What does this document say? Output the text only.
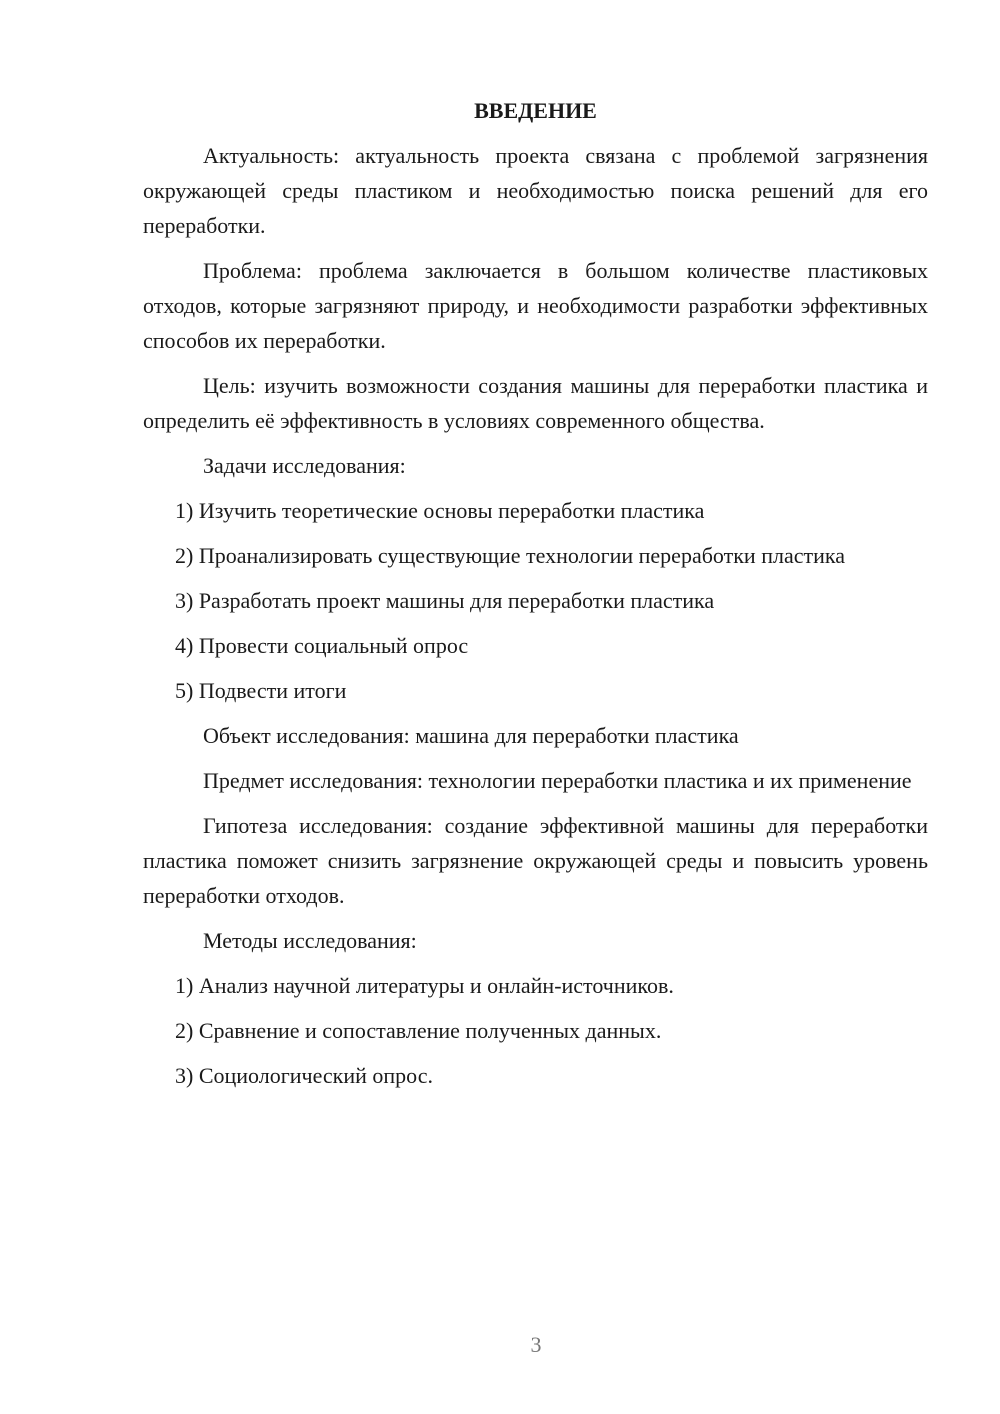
ВВЕДЕНИЕ

Актуальность: актуальность проекта связана с проблемой загрязнения окружающей среды пластиком и необходимостью поиска решений для его переработки.

Проблема: проблема заключается в большом количестве пластиковых отходов, которые загрязняют природу, и необходимости разработки эффективных способов их переработки.

Цель: изучить возможности создания машины для переработки пластика и определить её эффективность в условиях современного общества.

Задачи исследования:

1) Изучить теоретические основы переработки пластика

2) Проанализировать существующие технологии переработки пластика

3) Разработать проект машины для переработки пластика

4) Провести социальный опрос

5) Подвести итоги

Объект исследования: машина для переработки пластика

Предмет исследования: технологии переработки пластика и их применение

Гипотеза исследования: создание эффективной машины для переработки пластика поможет снизить загрязнение окружающей среды и повысить уровень переработки отходов.

Методы исследования:

1) Анализ научной литературы и онлайн-источников.

2) Сравнение и сопоставление полученных данных.

3) Социологический опрос.

3
